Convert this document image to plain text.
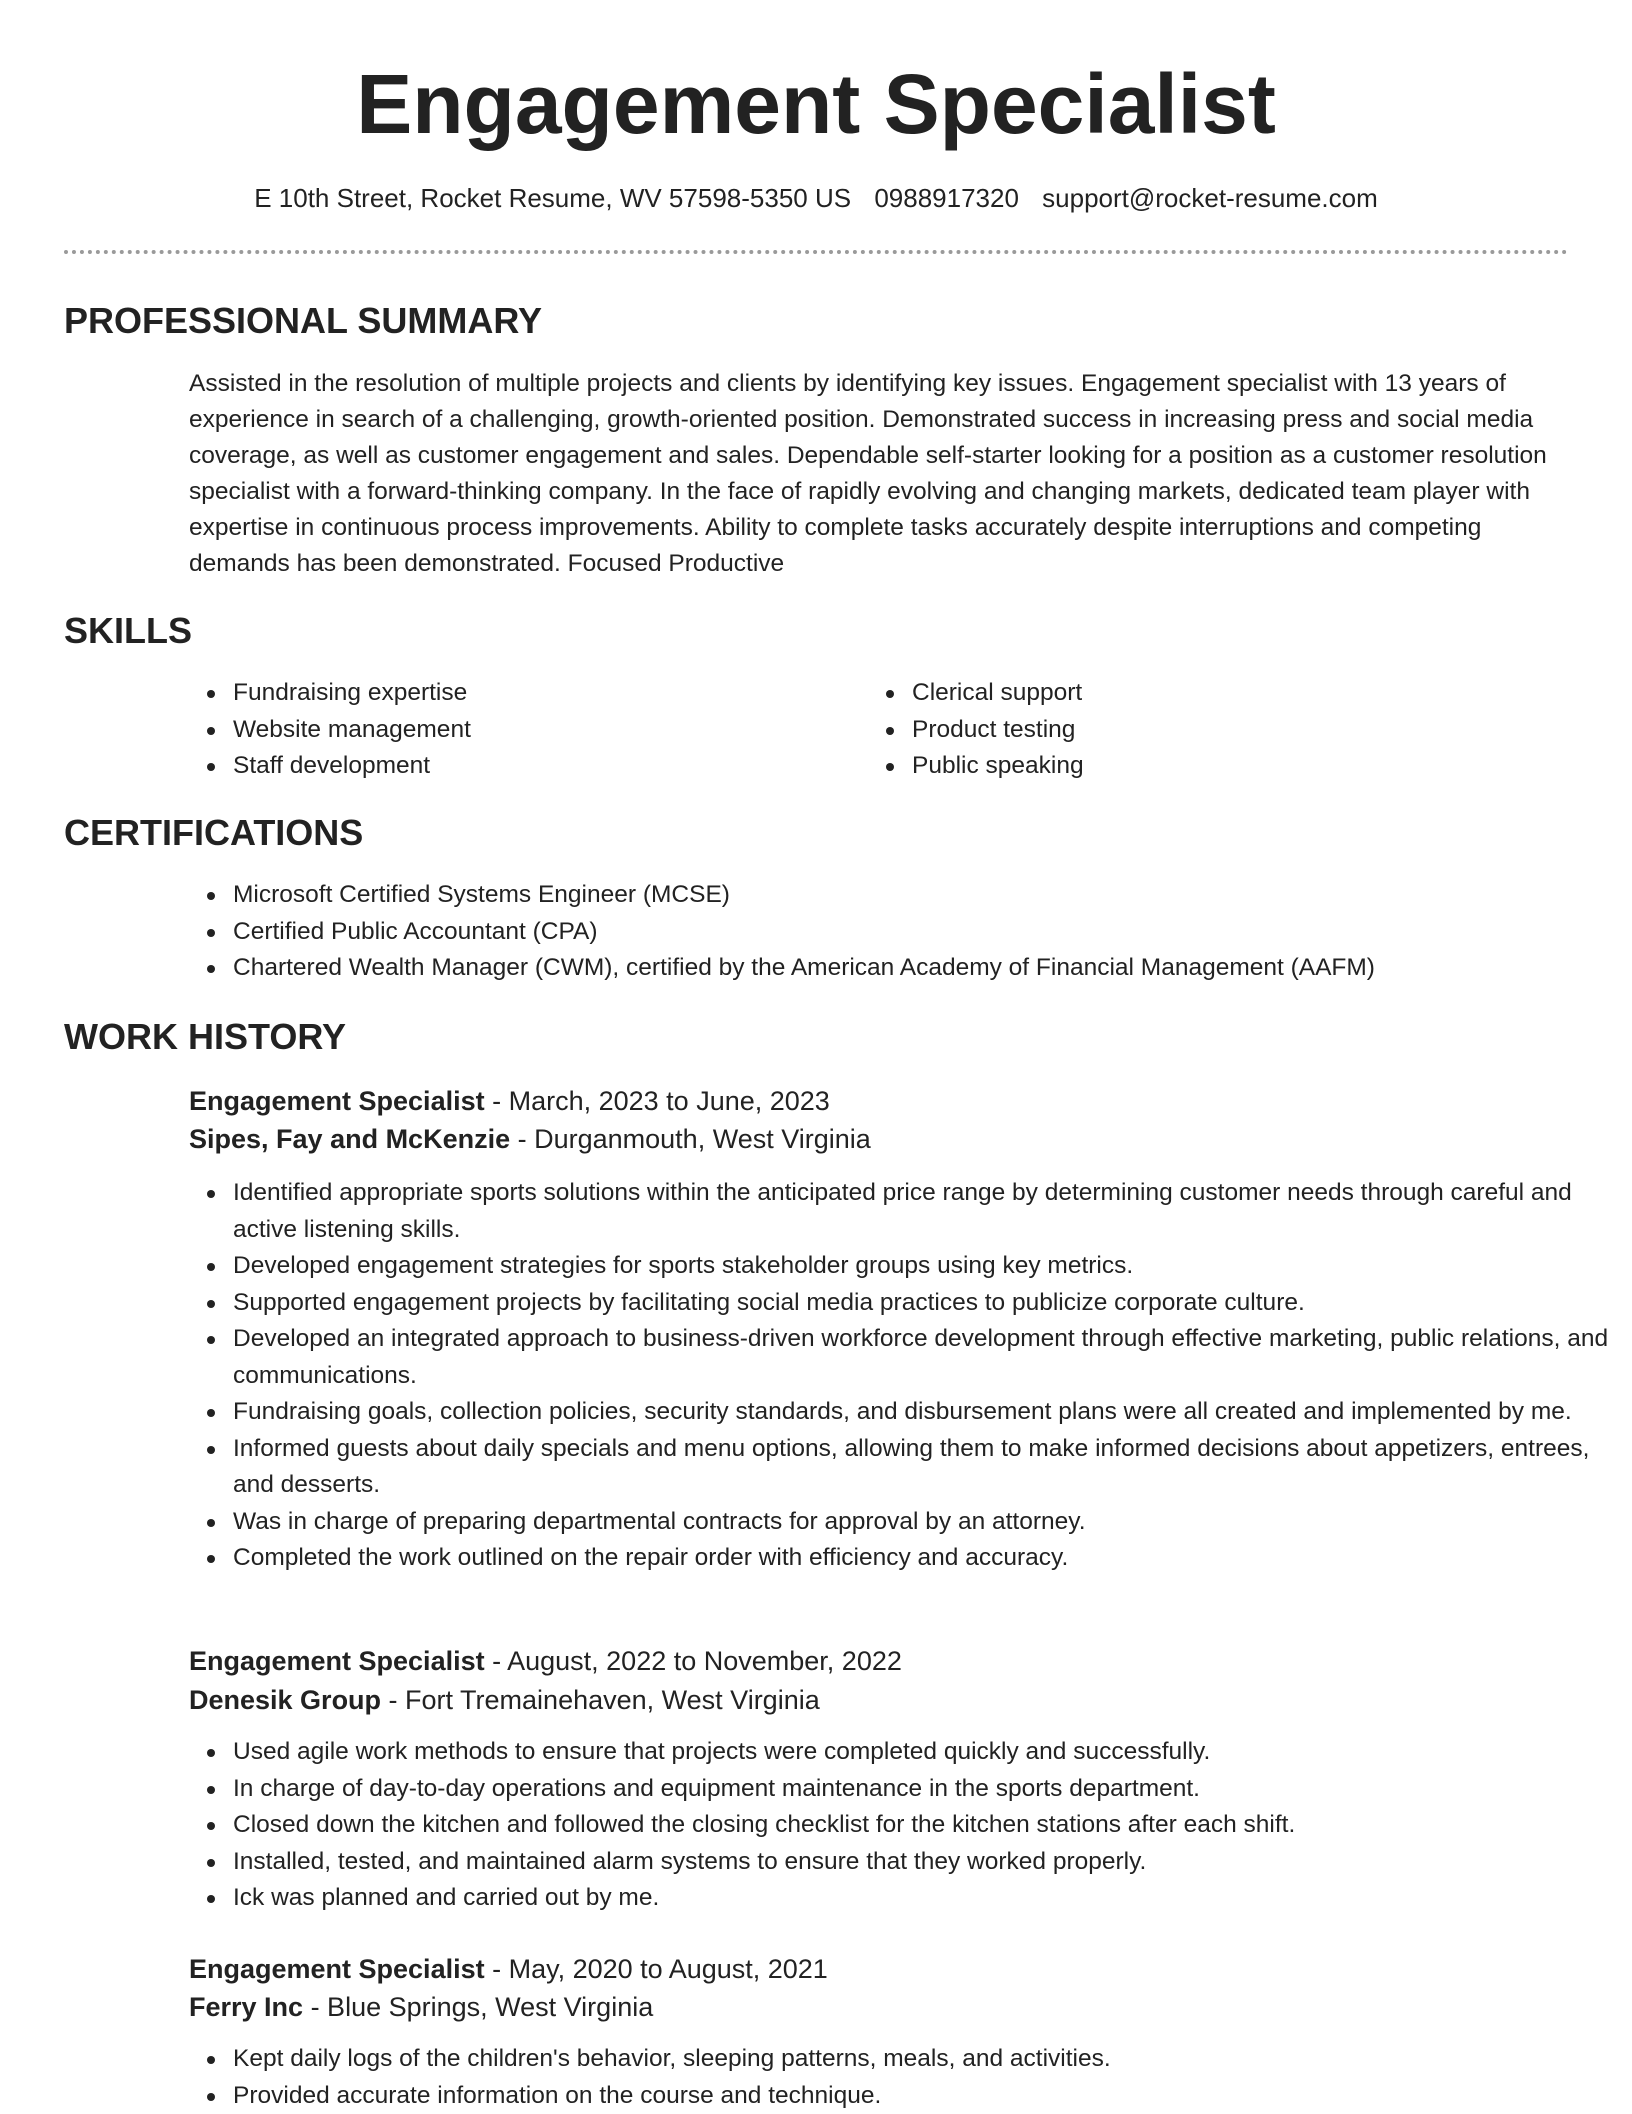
Engagement Specialist
E 10th Street, Rocket Resume, WV 57598-5350 US 0988917320 support@rocket-resume.com
PROFESSIONAL SUMMARY
Assisted in the resolution of multiple projects and clients by identifying key issues. Engagement specialist with 13 years of experience in search of a challenging, growth-oriented position. Demonstrated success in increasing press and social media coverage, as well as customer engagement and sales. Dependable self-starter looking for a position as a customer resolution specialist with a forward-thinking company. In the face of rapidly evolving and changing markets, dedicated team player with expertise in continuous process improvements. Ability to complete tasks accurately despite interruptions and competing demands has been demonstrated. Focused Productive
SKILLS
Fundraising expertise
Website management
Staff development
Clerical support
Product testing
Public speaking
CERTIFICATIONS
Microsoft Certified Systems Engineer (MCSE)
Certified Public Accountant (CPA)
Chartered Wealth Manager (CWM), certified by the American Academy of Financial Management (AAFM)
WORK HISTORY
Engagement Specialist - March, 2023 to June, 2023
Sipes, Fay and McKenzie - Durganmouth, West Virginia
Identified appropriate sports solutions within the anticipated price range by determining customer needs through careful and active listening skills.
Developed engagement strategies for sports stakeholder groups using key metrics.
Supported engagement projects by facilitating social media practices to publicize corporate culture.
Developed an integrated approach to business-driven workforce development through effective marketing, public relations, and communications.
Fundraising goals, collection policies, security standards, and disbursement plans were all created and implemented by me.
Informed guests about daily specials and menu options, allowing them to make informed decisions about appetizers, entrees, and desserts.
Was in charge of preparing departmental contracts for approval by an attorney.
Completed the work outlined on the repair order with efficiency and accuracy.
Engagement Specialist - August, 2022 to November, 2022
Denesik Group - Fort Tremainehaven, West Virginia
Used agile work methods to ensure that projects were completed quickly and successfully.
In charge of day-to-day operations and equipment maintenance in the sports department.
Closed down the kitchen and followed the closing checklist for the kitchen stations after each shift.
Installed, tested, and maintained alarm systems to ensure that they worked properly.
Ick was planned and carried out by me.
Engagement Specialist - May, 2020 to August, 2021
Ferry Inc - Blue Springs, West Virginia
Kept daily logs of the children's behavior, sleeping patterns, meals, and activities.
Provided accurate information on the course and technique.
